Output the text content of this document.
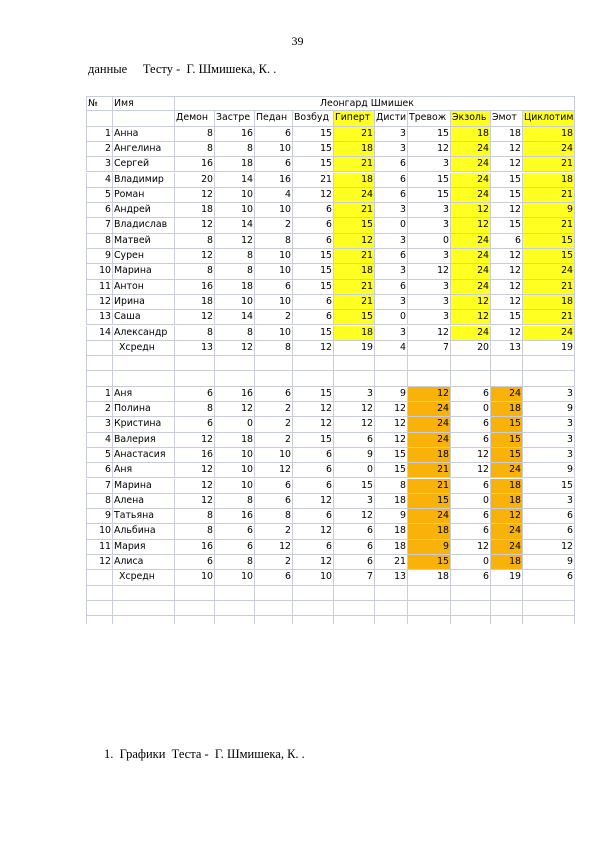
39
данные     Тесту -  Г. Шмишека, К. .
№	Имя	Леонгард Шмишек
Демон Застре Педан Возбуд Гиперт Дисти Тревож Экзоль Эмот Циклотим
1 Анна	8	16	6	15	21	3	15	18	18	18
2 Ангелина	8	8	10	15	18	3	12	24	12	24
3 Сергей	16	18	6	15	21	6	3	24	12	21
4 Владимир	20	14	16	21	18	6	15	24	15	18
5 Роман	12	10	4	12	24	6	15	24	15	21
6 Андрей	18	10	10	6	21	3	3	12	12	9
7 Владислав	12	14	2	6	15	0	3	12	15	21
8 Матвей	8	12	8	6	12	3	0	24	6	15
9 Сурен	12	8	10	15	21	6	3	24	12	15
10 Марина	8	8	10	15	18	3	12	24	12	24
11 Антон	16	18	6	15	21	6	3	24	12	21
12 Ирина	18	10	10	6	21	3	3	12	12	18
13 Саша	12	14	2	6	15	0	3	12	15	21
14 Александр	8	8	10	15	18	3	12	24	12	24
Хсредн	13	12	8	12	19	4	7	20	13	19
1 Аня	6	16	6	15	3	9	12	6	24	3
2 Полина	8	12	2	12	12	12	24	0	18	9
3 Кристина	6	0	2	12	12	12	24	6	15	3
4 Валерия	12	18	2	15	6	12	24	6	15	3
5 Анастасия	16	10	10	6	9	15	18	12	15	3
6 Аня	12	10	12	6	0	15	21	12	24	9
7 Марина	12	10	6	6	15	8	21	6	18	15
8 Алена	12	8	6	12	3	18	15	0	18	3
9 Татьяна	8	16	8	6	12	9	24	6	12	6
10 Альбина	8	6	2	12	6	18	18	6	24	6
11 Мария	16	6	12	6	6	18	9	12	24	12
12 Алиса	6	8	2	12	6	21	15	0	18	9
Хсредн	10	10	6	10	7	13	18	6	19	6
1.  Графики  Теста -  Г. Шмишека, К. .
